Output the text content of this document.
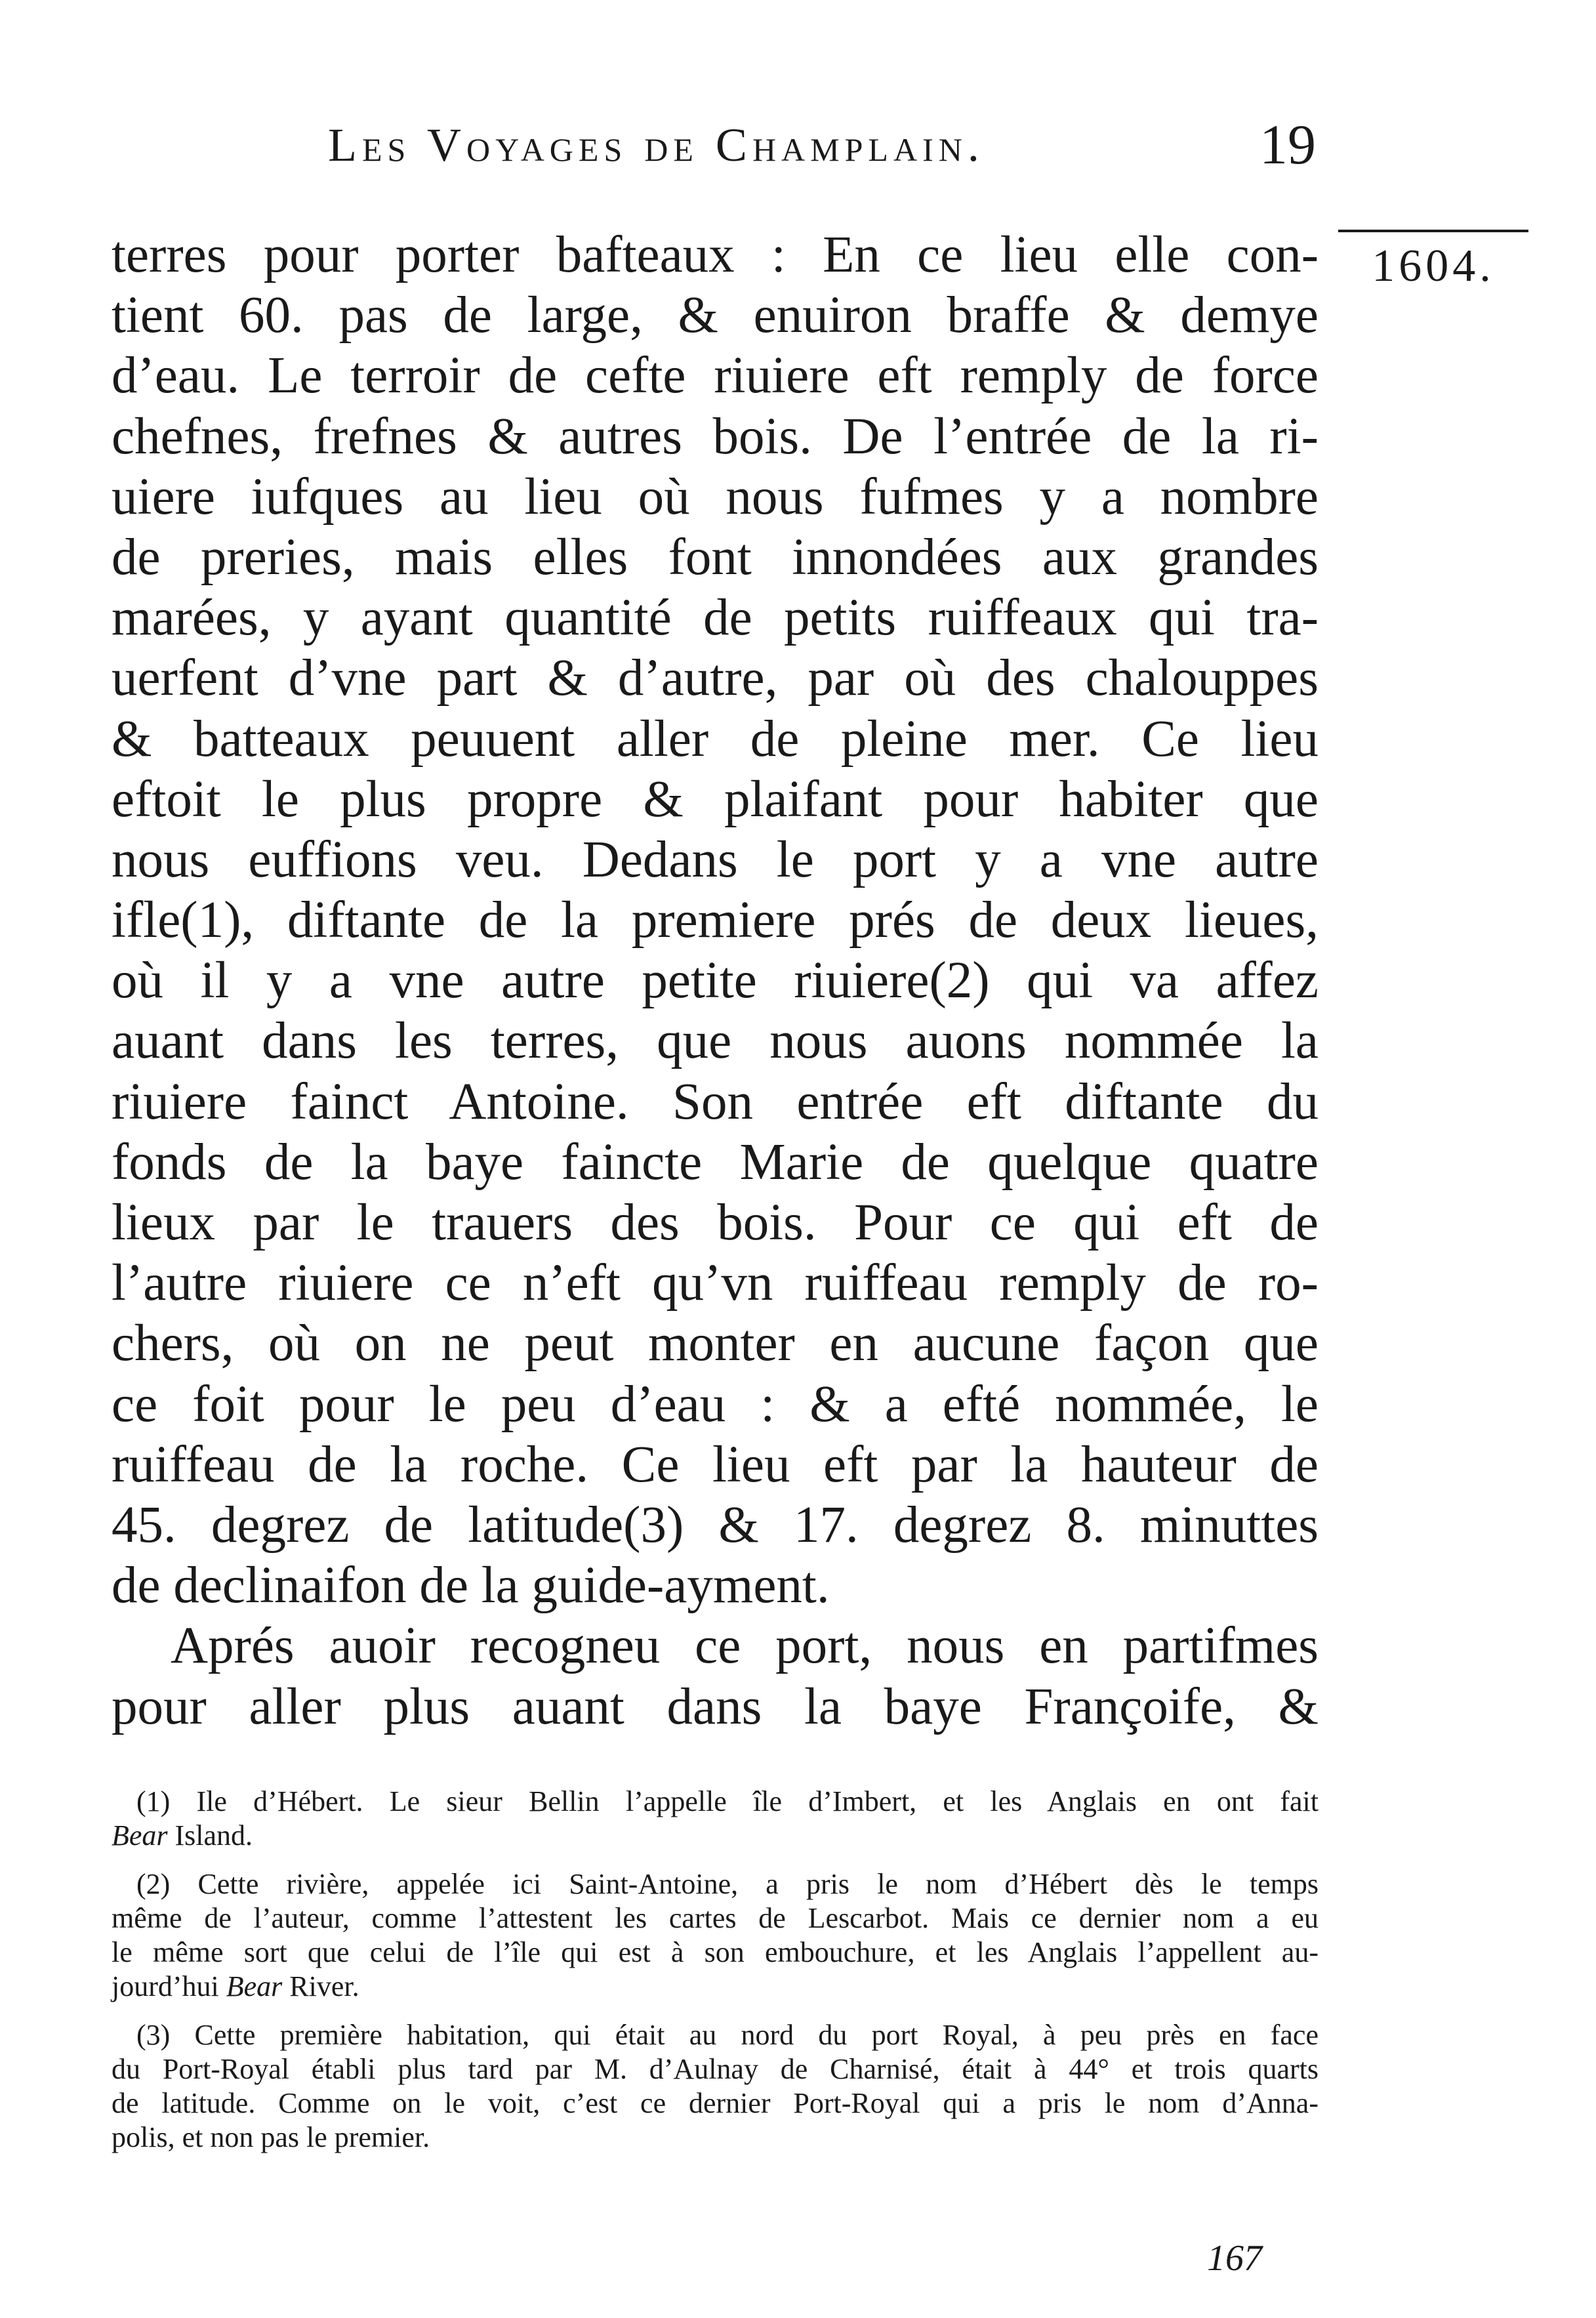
Les Voyages de Champlain.	19
1604.
terres pour porter bafteaux : En ce lieu elle con-
tient 60. pas de large, & enuiron braffe & demye
d’eau. Le terroir de cefte riuiere eft remply de force
chefnes, frefnes & autres bois. De l’entrée de la ri-
uiere iufques au lieu où nous fufmes y a nombre
de preries, mais elles font innondées aux grandes
marées, y ayant quantité de petits ruiffeaux qui tra-
uerfent d’vne part & d’autre, par où des chalouppes
& batteaux peuuent aller de pleine mer. Ce lieu
eftoit le plus propre & plaifant pour habiter que
nous euffions veu. Dedans le port y a vne autre
ifle(1), diftante de la premiere prés de deux lieues,
où il y a vne autre petite riuiere(2) qui va affez
auant dans les terres, que nous auons nommée la
riuiere fainct Antoine. Son entrée eft diftante du
fonds de la baye faincte Marie de quelque quatre
lieux par le trauers des bois. Pour ce qui eft de
l’autre riuiere ce n’eft qu’vn ruiffeau remply de ro-
chers, où on ne peut monter en aucune façon que
ce foit pour le peu d’eau : & a efté nommée, le
ruiffeau de la roche. Ce lieu eft par la hauteur de
45. degrez de latitude(3) & 17. degrez 8. minuttes
de declinaifon de la guide-ayment.
Aprés auoir recogneu ce port, nous en partifmes
pour aller plus auant dans la baye Françoife, &
(1) Ile d’Hébert. Le sieur Bellin l’appelle île d’Imbert, et les Anglais en ont fait
Bear Island.
(2) Cette rivière, appelée ici Saint-Antoine, a pris le nom d’Hébert dès le temps
même de l’auteur, comme l’attestent les cartes de Lescarbot. Mais ce dernier nom a eu
le même sort que celui de l’île qui est à son embouchure, et les Anglais l’appellent au-
jourd’hui Bear River.
(3) Cette première habitation, qui était au nord du port Royal, à peu près en face
du Port-Royal établi plus tard par M. d’Aulnay de Charnisé, était à 44° et trois quarts
de latitude. Comme on le voit, c’est ce dernier Port-Royal qui a pris le nom d’Anna-
polis, et non pas le premier.
167
